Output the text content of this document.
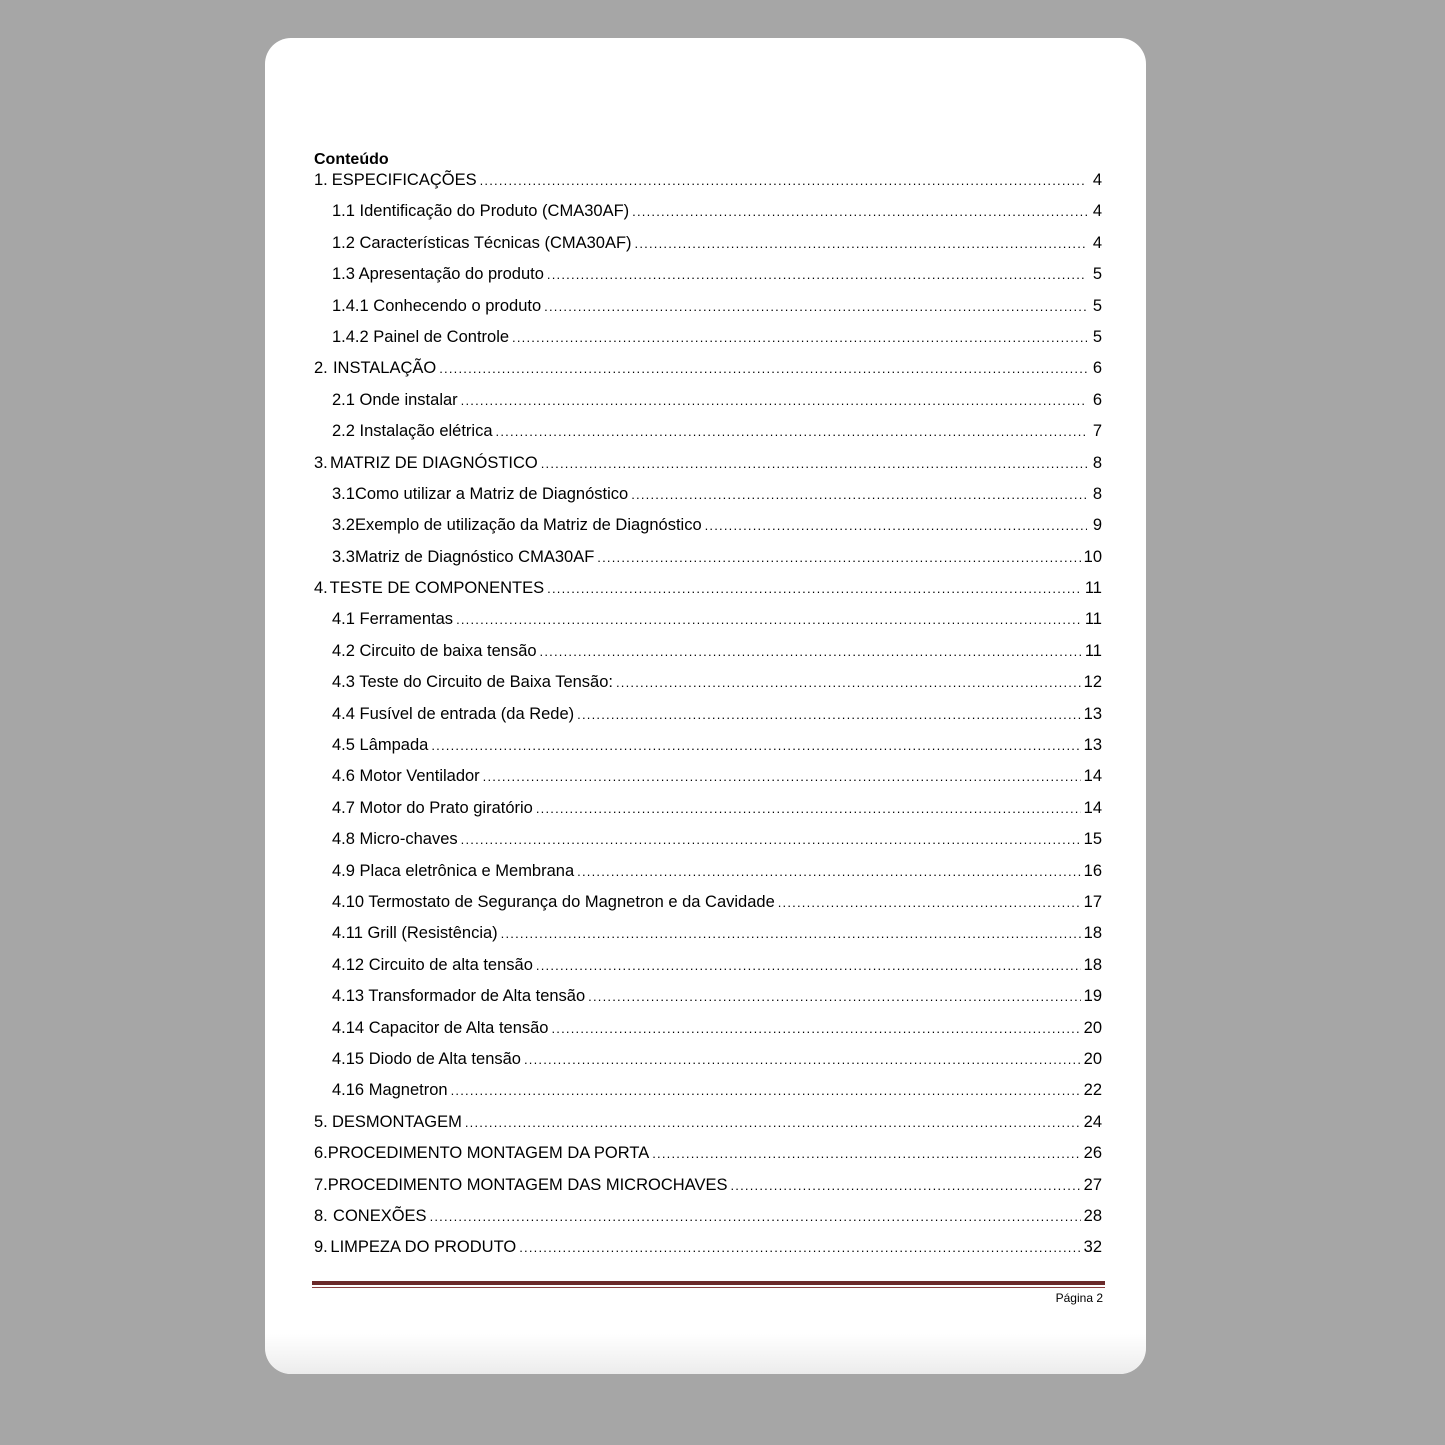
Conteúdo
1. ESPECIFICAÇÕES .....	4
1.1 Identificação do Produto (CMA30AF) .....	4
1.2 Características Técnicas (CMA30AF) .....	4
1.3 Apresentação do produto .....	5
1.4.1 Conhecendo o produto .....	5
1.4.2 Painel de Controle .....	5
2. INSTALAÇÃO .....	6
2.1 Onde instalar .....	6
2.2 Instalação elétrica .....	7
3. MATRIZ DE DIAGNÓSTICO .....	8
3.1 Como utilizar a Matriz de Diagnóstico .....	8
3.2 Exemplo de utilização da Matriz de Diagnóstico .....	9
3.3 Matriz de Diagnóstico CMA30AF .....	10
4. TESTE DE COMPONENTES .....	11
4.1 Ferramentas .....	11
4.2 Circuito de baixa tensão .....	11
4.3 Teste do Circuito de Baixa Tensão: .....	12
4.4 Fusível de entrada (da Rede) .....	13
4.5 Lâmpada .....	13
4.6 Motor Ventilador .....	14
4.7 Motor do Prato giratório .....	14
4.8 Micro-chaves .....	15
4.9 Placa eletrônica e Membrana .....	16
4.10 Termostato de Segurança do Magnetron e da Cavidade .....	17
4.11 Grill (Resistência) .....	18
4.12 Circuito de alta tensão .....	18
4.13 Transformador de Alta tensão .....	19
4.14 Capacitor de Alta tensão .....	20
4.15 Diodo de Alta tensão .....	20
4.16 Magnetron .....	22
5. DESMONTAGEM .....	24
6. PROCEDIMENTO MONTAGEM DA PORTA .....	26
7. PROCEDIMENTO MONTAGEM DAS MICROCHAVES .....	27
8. CONEXÕES .....	28
9. LIMPEZA DO PRODUTO .....	32
Página 2
